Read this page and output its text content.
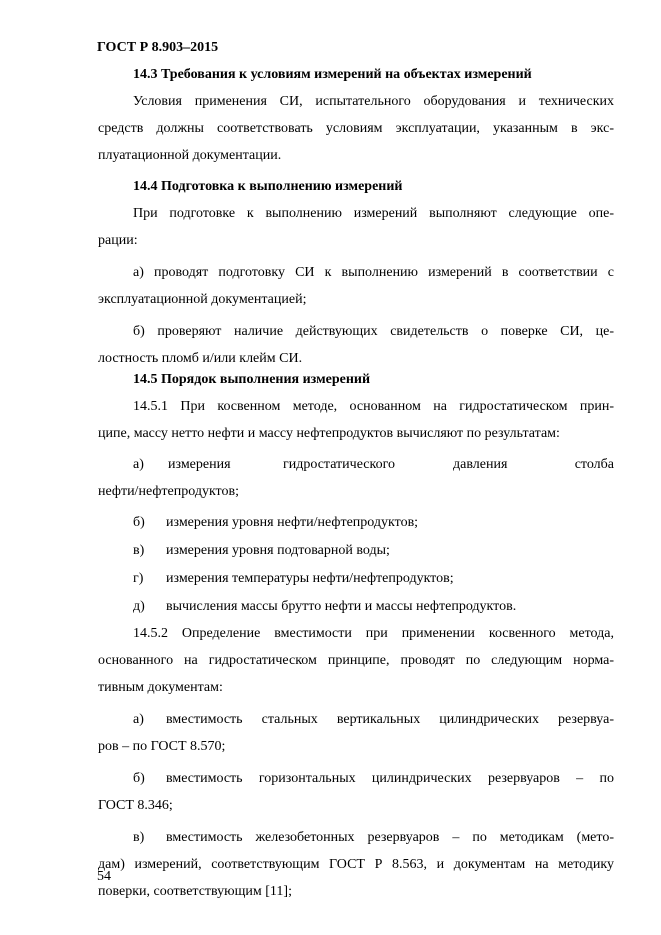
ГОСТ Р 8.903–2015
14.3 Требования к условиям измерений на объектах измерений
Условия применения СИ, испытательного оборудования и технических
средств должны соответствовать условиям эксплуатации, указанным в экс-
плуатационной документации.
14.4 Подготовка к выполнению измерений
При подготовке к выполнению измерений выполняют следующие опе-
рации:
а) проводят подготовку СИ к выполнению измерений в соответствии с
эксплуатационной документацией;
б) проверяют наличие действующих свидетельств о поверке СИ, це-
лостность пломб и/или клейм СИ.
14.5 Порядок выполнения измерений
14.5.1 При косвенном методе, основанном на гидростатическом прин-
ципе, массу нетто нефти и массу нефтепродуктов вычисляют по результатам:
а) измерения	гидростатического	давления	столба
нефти/нефтепродуктов;
б) измерения уровня нефти/нефтепродуктов;
в) измерения уровня подтоварной воды;
г) измерения температуры нефти/нефтепродуктов;
д) вычисления массы брутто нефти и массы нефтепродуктов.
14.5.2 Определение вместимости при применении косвенного метода,
основанного на гидростатическом принципе, проводят по следующим норма-
тивным документам:
а) вместимость стальных вертикальных цилиндрических резервуа-
ров – по ГОСТ 8.570;
б) вместимость горизонтальных цилиндрических резервуаров – по
ГОСТ 8.346;
в) вместимость железобетонных резервуаров – по методикам (мето-
дам) измерений, соответствующим ГОСТ Р 8.563, и документам на методику
поверки, соответствующим [11];
54
